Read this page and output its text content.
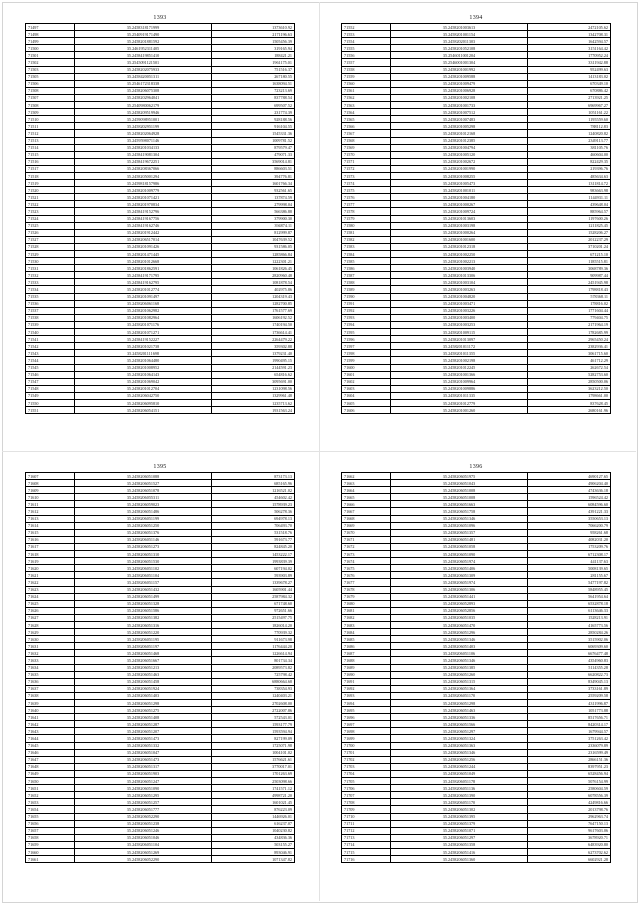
1393
71497	35.2458318171999	1373610.92
71498	35.2540919171490	2171196.63
71499	35.2458201881592	1505456.39
71500	35.2461952311405	319165.94
71501	35.2458419851410	188421.21
71502	35.2545091121501	1961175.01
71503	35.2458202075933	751516.37
71505	35.2458420051311	267180.55
71506	35.2546172318338	1638094.51
71508	35.2458206075308	723213.69
71507	35.2458202964041	837788.54
71508	35.2540980062179	699507.52
71509	35.2458209519946	231774.39
71510	35.2459098951001	928188.56
71511	35.2458202951199	916104.55
71512	35.2458202064928	1545331.36
71513	35.2459598071146	1009781.52
71514	35.2458201034133	879579.47
71515	35.2458419081304	479071.33
71516	35.2458419672251	3569014.81
71517	35.2458208367066	886603.51
71518	35.2458205001294	394776.81
71519	35.2459818157986	1601766.34
71520	35.2458201009779	932561.65
71521	35.2458201071421	137874.59
71522	35.2458201970834	279998.04
71523	35.2458419152796	566386.88
71524	35.2458419167756	379900.30
71525	35.2458419162746	394874.11
71526	35.2458201912442	812999.87
71527	35.2458206517014	1047639.52
71528	35.2458201091426	931586.05
71529	35.2458201471445	1285866.84
71530	35.2458201012668	1222301.21
71531	35.2458201862591	1061826.45
71532	35.2458419171795	2820960.48
71533	35.2458419162795	1081878.54
71534	35.2458201012774	402975.86
71535	35.2458201091497	1204319.43
71536	35.2458206061168	1282700.85
71537	35.2458201062982	1761577.69
71538	35.2458201082964	1606192.52
71539	35.2458201071176	1740194.50
71540	35.2458201071271	1736614.41
71541	35.2458419152227	2264479.22
71542	35.2458201021738	359302.88
71543	35.2458201111698	1379231.40
71544	35.2458201064480	1990495.15
71545	35.2458201008952	2144591.23
71546	35.2458201064143	654816.62
71547	35.2458201069042	3095691.00
71548	35.2458201012704	1231098.56
71549	35.2458206042750	1329961.48
71550	35.2458206095810	1235713.62
71551	35.2458206054151	1931563.24
1394
71552	35.2458201003613	2472105.62
71553	35.2458201001154	1342708.31
71554	35.2458202011303	1642594.57
71555	35.2458201052108	3151164.42
71556	35.2546011001204	1770952.24
71557	35.2546001001304	3311942.88
71558	35.2458201001992	952499.63
71559	35.2458201009588	1413183.02
71560	35.2458201009479	670349.10
71561	35.2458201006928	670886.42
71562	35.2458201002108	2713921.25
71563	35.2458201001733	6969967.27
71564	35.2458201007512	1051161.22
71565	35.2458201007483	1195559.60
71566	35.2458201005298	788112.83
71567	35.2458201012168	1240820.82
71568	35.2458201012385	2349113.77
71569	35.2458201004794	381105.76
71570	35.2458201005120	460604.00
71571	35.2458201002672	822429.35
71572	35.2458201001990	219396.76
71573	35.2458201008255	485634.63
71574	35.2458201005473	1311814.72
71575	35.2458201001011	983663.98
71576	35.2458201004180	1144931.11
71577	35.2458201000267	439648.04
71578	35.2458201009724	885964.57
71579	35.2458201013603	1197600.26
71580	35.2458201003198	1211825.45
71581	35.2458201000264	1528206.27
71582	35.2458201001600	2012237.29
71583	35.2458201012318	3710201.24
71584	35.2458201002250	671215.10
71585	35.2458201002213	1185515.81
71586	35.2458201003940	3068789.36
71587	35.2458201013306	909987.44
71588	35.2458201003104	2451945.98
71589	35.2458201003263	1798818.43
71590	35.2458201004820	578368.11
71591	35.2458201003471	178816.02
71592	35.2458201003226	1771604.44
71593	35.2458201003400	779404.75
71594	35.2458201003253	2171964.19
71595	35.2458201009115	1782685.99
71596	35.2458201013097	2965450.24
71597	35.2458201011172	2382936.41
71598	35.2458201011355	3061715.60
71599	35.2458201002198	461712.29
71600	35.2458201012245	262672.54
71601	35.2458201001366	5282753.60
71602	35.2458201009964	2850500.06
71603	35.2458201009886	3623212.50
71604	35.2458201011335	1798661.00
71605	35.2458201012779	837628.45
71606	35.2458201001260	2680161.96
1395
71607	35.2458206051088	873173.13
71608	35.2458206051527	685165.96
71609	35.2458206051078	1216521.02
71610	35.2458206055311	454602.42
71611	35.2458206059023	1578939.23
71612	35.2458206051486	506278.36
71613	35.2458206051199	694978.13
71614	35.2458206051250	706493.70
71615	35.2458206051376	531518.76
71616	35.2458206051146	591673.77
71617	35.2458206051273	824845.20
71618	35.2458206051310	1453222.17
71619	35.2458206051530	1993839.39
71620	35.2458206051102	607194.02
71621	35.2458206051104	593903.89
71622	35.2458206051157	1339678.27
71623	35.2458206051432	1605901.44
71624	35.2458206051499	2587984.32
71625	35.2458206051328	671748.60
71626	35.2458206051586	972651.66
71627	35.2458206051382	2515497.75
71628	35.2458206051316	1826014.20
71629	35.2458206051220	770939.32
71630	35.2458206051195	911673.98
71631	35.2458206051197	1176444.20
71632	35.2458206051468	1226614.94
71633	35.2458206051667	801734.34
71634	35.2458206051213	2089573.82
71635	35.2458206051463	725798.42
71636	35.2458206051458	6880664.68
71637	35.2458206051924	738354.93
71638	35.2458206051403	1240403.21
71639	35.2458206051298	2702608.00
71640	35.2458206051275	2722007.86
71641	35.2458206051408	572543.01
71642	35.2458206051287	1593177.79
71643	35.2458206051207	1593594.94
71644	35.2458206051473	827199.09
71645	35.2458206051332	1725071.98
71646	35.2458206051047	1004101.02
71647	35.2458206051473	1576621.61
71648	35.2458206051317	3770017.01
71649	35.2458206051903	1701263.69
71650	35.2458206051247	2503098.66
71651	35.2458206051090	1741571.12
71652	35.2458206051295	4998721.20
71653	35.2458206051257	1601021.45
71654	35.2458206051777	876223.09
71655	35.2458206052290	1446926.01
71656	35.2458206051238	616237.07
71657	35.2458206051246	1040230.82
71658	35.2458206051046	434836.36
71659	35.2458206051104	503155.27
71660	35.2458206051269	893046.91
71661	35.2458206052290	1071347.82
1396
71662	35.2458206051975	4690127.65
71663	35.2458206051043	4906204.40
71664	35.2458206051008	4743636.18
71665	35.2458206051008	1596524.42
71666	35.2458206051663	6084596.60
71667	35.2458206051758	4391221.33
71668	35.2458206051346	3550653.13
71669	35.2458206051096	7066200.79
71670	35.2458206051357	958261.68
71671	35.2458206051481	4082031.20
71672	35.2458206051058	1753209.76
71673	35.2458206051090	6712308.17
71674	35.2458206051974	441137.63
71675	35.2458206051406	5008139.65
71676	35.2458206051309	281155.67
71677	35.2458206051974	5477197.82
71678	35.2458206051306	5848955.45
71679	35.2458206051441	5641954.64
71680	35.2458206052893	6532878.18
71681	35.2458206052856	6113646.33
71682	35.2458206051035	1528213.91
71683	35.2458206051470	4165773.56
71684	35.2458206051296	2850284.26
71685	35.2458206051346	3515902.06
71686	35.2458206051403	6069309.60
71687	35.2458206051106	6676477.48
71688	35.2458206051346	4354960.83
71689	35.2458206051385	5114355.28
71690	35.2458206051260	6620822.73
71691	35.2458206051315	8349045.13
71692	35.2458206051364	3733161.89
71693	35.2458206051170	2559209.58
71694	35.2458206051298	4311996.87
71695	35.2458206051463	1051773.88
71696	35.2458206051336	8517656.71
71697	35.2458206051566	8420314.17
71698	35.2458206051297	1679944.57
71699	35.2458206051324	3751263.42
71700	35.2458206051363	2336079.89
71701	35.2458206051346	2316599.49
71702	35.2458206051256	2866151.36
71703	35.2458206051244	8397951.23
71704	35.2458206051049	6528456.94
71705	35.2458206051178	5076154.99
71706	35.2458206051136	2580604.59
71707	35.2458206051390	6078556.39
71708	35.2458206051170	4249816.66
71709	35.2458206051302	2013798.76
71710	35.2458206051395	2962963.74
71711	35.2458206051379	7647150.13
71712	35.2458206051071	9617603.06
71713	35.2458206051297	3678920.71
71714	35.2458206051358	6483920.80
71715	35.2458206051416	6273702.62
71716	35.2458206051360	6602921.28
